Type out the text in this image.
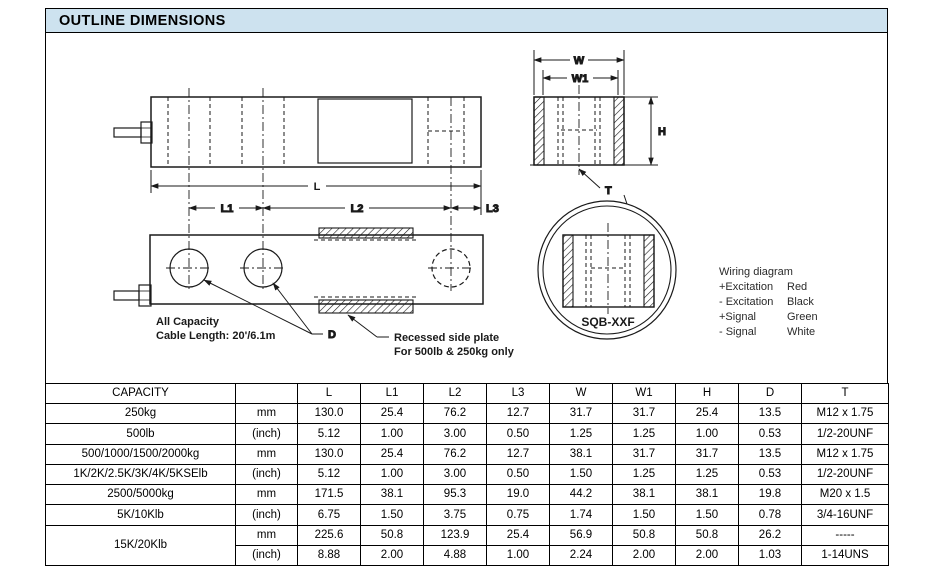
OUTLINE DIMENSIONS
L
L1	L2	L3
D
All Capacity
Cable Length: 20'/6.1m	Recessed side plate
For 500lb & 250kg only
W
W1
H
T
SQB-XXF
Wiring diagram
+Excitation Red
- Excitation Black
+Signal	Green
- Signal	White
CAPACITY		L	L1	L2	L3	W	W1	H	D	T
250kg	mm	130.0	25.4	76.2	12.7	31.7	31.7	25.4	13.5	M12 x 1.75
500lb	(inch)	5.12	1.00	3.00	0.50	1.25	1.25	1.00	0.53	1/2-20UNF
500/1000/1500/2000kg	mm	130.0	25.4	76.2	12.7	38.1	31.7	31.7	13.5	M12 x 1.75
1K/2K/2.5K/3K/4K/5KSElb	(inch)	5.12	1.00	3.00	0.50	1.50	1.25	1.25	0.53	1/2-20UNF
2500/5000kg	mm	171.5	38.1	95.3	19.0	44.2	38.1	38.1	19.8	M20 x 1.5
5K/10Klb	(inch)	6.75	1.50	3.75	0.75	1.74	1.50	1.50	0.78	3/4-16UNF
15K/20Klb	mm	225.6	50.8	123.9	25.4	56.9	50.8	50.8	26.2	-----
	(inch)	8.88	2.00	4.88	1.00	2.24	2.00	2.00	1.03	1-14UNS
